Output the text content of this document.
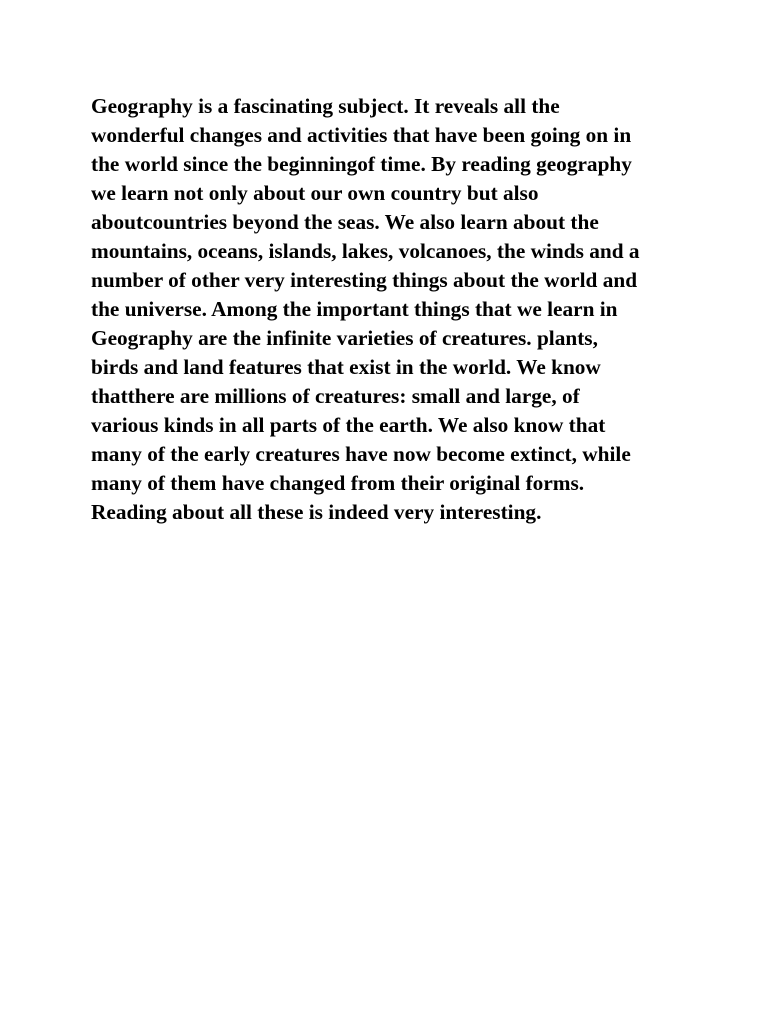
Geography is a fascinating subject. It reveals all the
wonderful changes and activities that have been going on in
the world since the beginningof time. By reading geography
we learn not only about our own country but also
aboutcountries beyond the seas. We also learn about the
mountains, oceans, islands, lakes, volcanoes, the winds and a
number of other very interesting things about the world and
the universe. Among the important things that we learn in
Geography are the infinite varieties of creatures. plants,
birds and land features that exist in the world. We know
thatthere are millions of creatures: small and large, of
various kinds in all parts of the earth. We also know that
many of the early creatures have now become extinct, while
many of them have changed from their original forms.
Reading about all these is indeed very interesting.
